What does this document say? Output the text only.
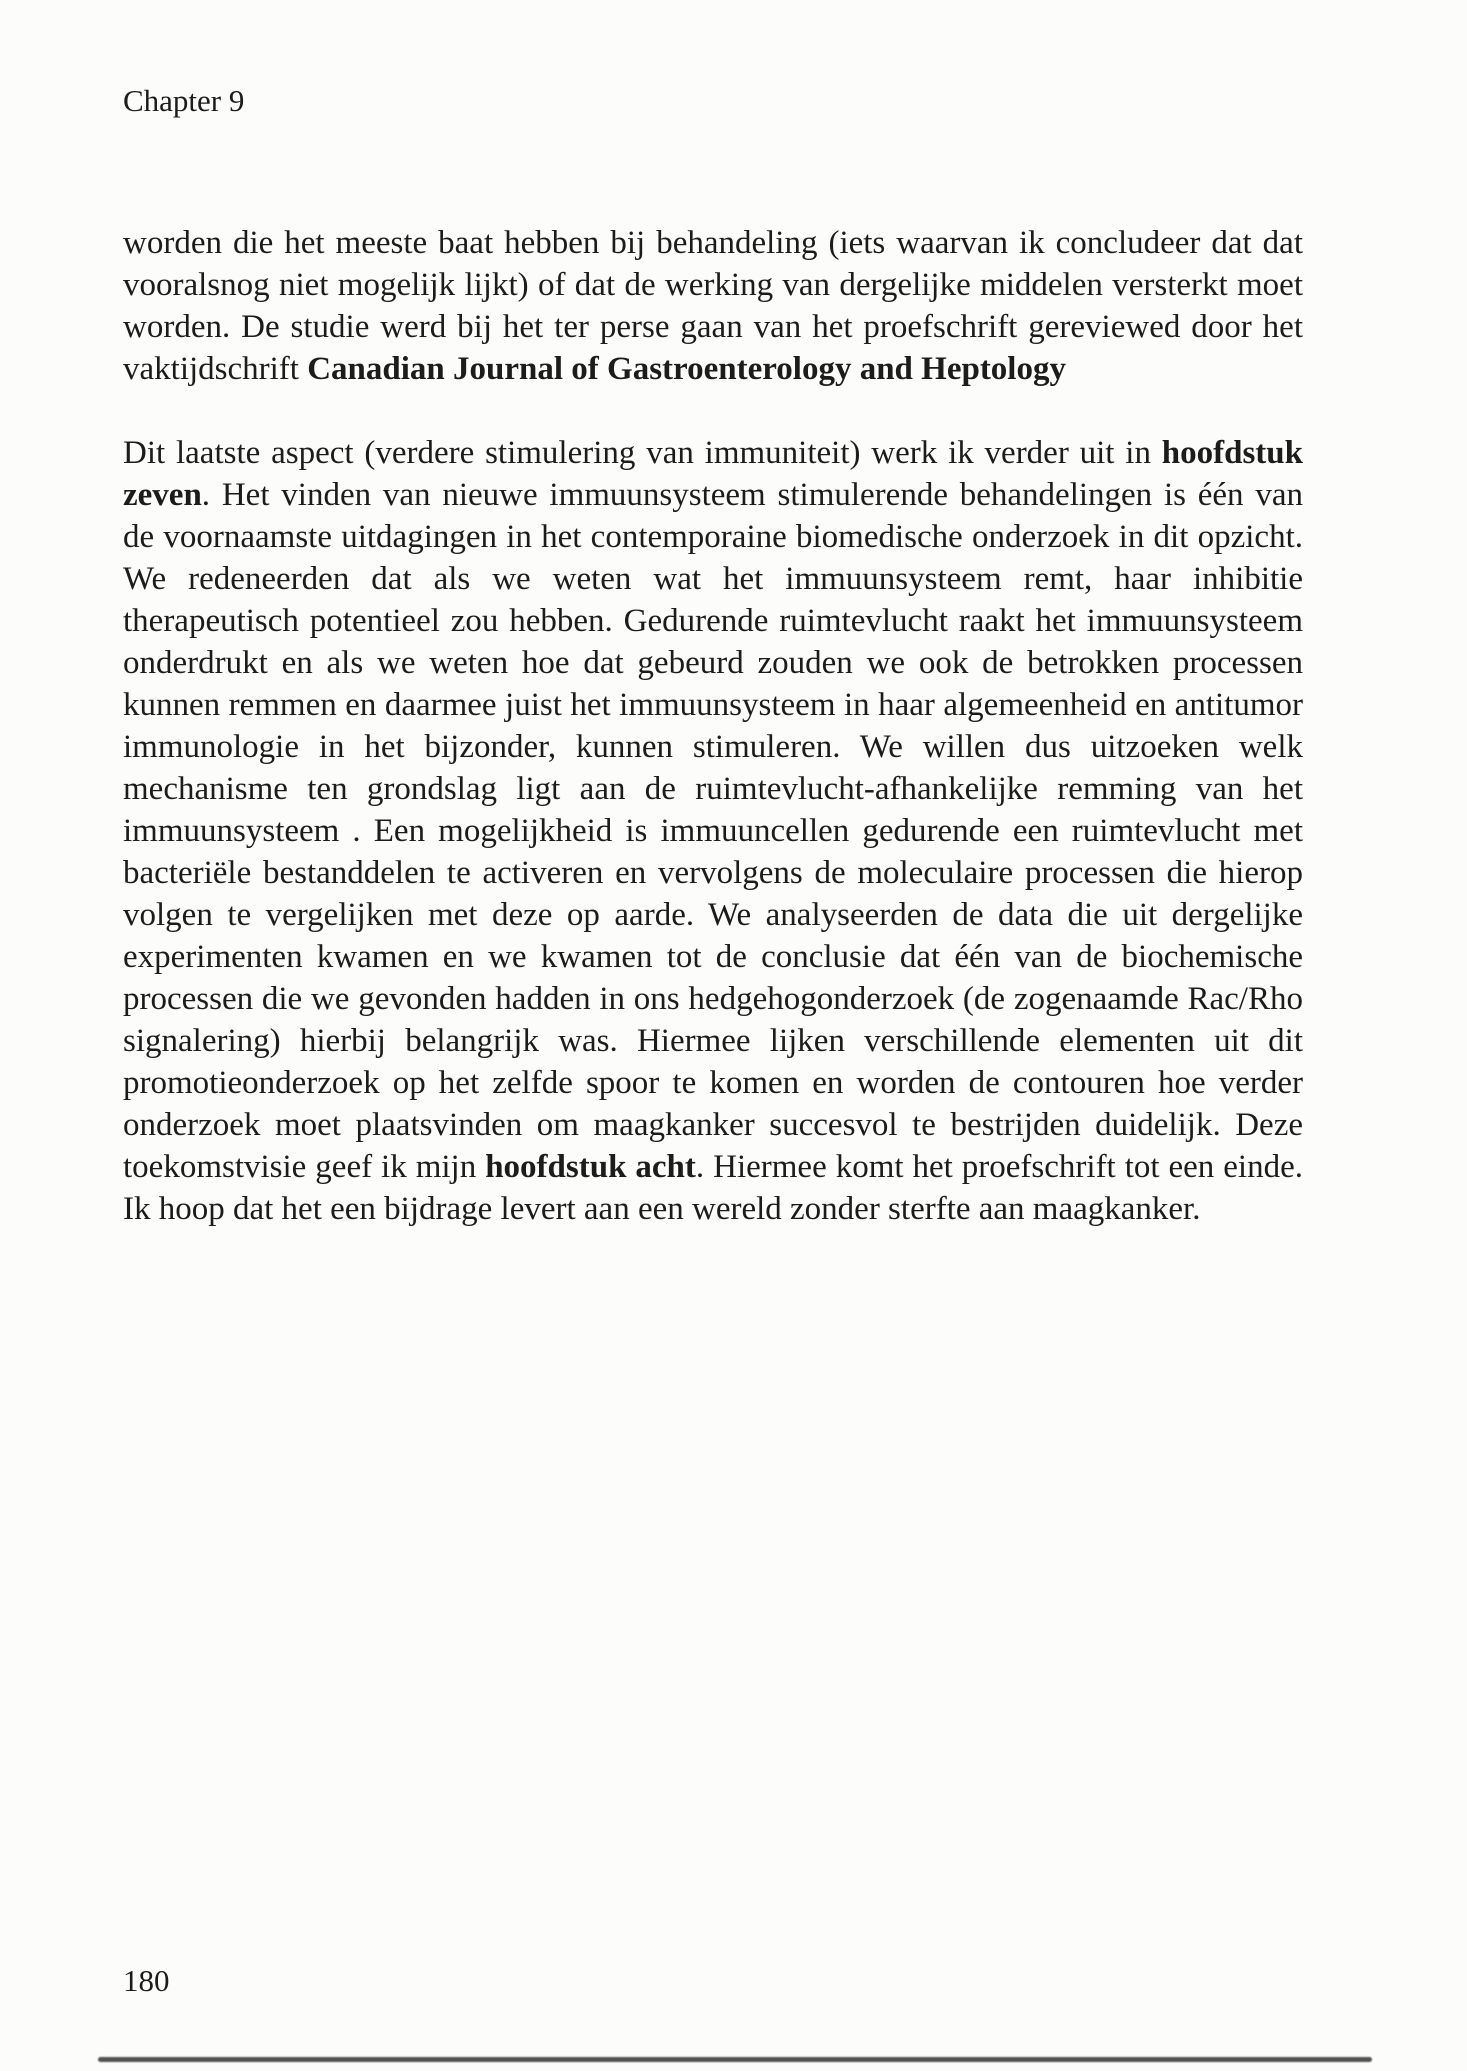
Chapter 9

worden die het meeste baat hebben bij behandeling (iets waarvan ik concludeer dat dat vooralsnog niet mogelijk lijkt) of dat de werking van dergelijke middelen versterkt moet worden. De studie werd bij het ter perse gaan van het proefschrift gereviewed door het vaktijdschrift Canadian Journal of Gastroenterology and Heptology

Dit laatste aspect (verdere stimulering van immuniteit) werk ik verder uit in hoofdstuk zeven. Het vinden van nieuwe immuunsysteem stimulerende behandelingen is één van de voornaamste uitdagingen in het contemporaine biomedische onderzoek in dit opzicht. We redeneerden dat als we weten wat het immuunsysteem remt, haar inhibitie therapeutisch potentieel zou hebben. Gedurende ruimtevlucht raakt het immuunsysteem onderdrukt en als we weten hoe dat gebeurd zouden we ook de betrokken processen kunnen remmen en daarmee juist het immuunsysteem in haar algemeenheid en antitumor immunologie in het bijzonder, kunnen stimuleren. We willen dus uitzoeken welk mechanisme ten grondslag ligt aan de ruimtevlucht-afhankelijke remming van het immuunsysteem . Een mogelijkheid is immuuncellen gedurende een ruimtevlucht met bacteriële bestanddelen te activeren en vervolgens de moleculaire processen die hierop volgen te vergelijken met deze op aarde. We analyseerden de data die uit dergelijke experimenten kwamen en we kwamen tot de conclusie dat één van de biochemische processen die we gevonden hadden in ons hedgehogonderzoek (de zogenaamde Rac/Rho signalering) hierbij belangrijk was. Hiermee lijken verschillende elementen uit dit promotieonderzoek op het zelfde spoor te komen en worden de contouren hoe verder onderzoek moet plaatsvinden om maagkanker succesvol te bestrijden duidelijk. Deze toekomstvisie geef ik mijn hoofdstuk acht. Hiermee komt het proefschrift tot een einde. Ik hoop dat het een bijdrage levert aan een wereld zonder sterfte aan maagkanker.

180
